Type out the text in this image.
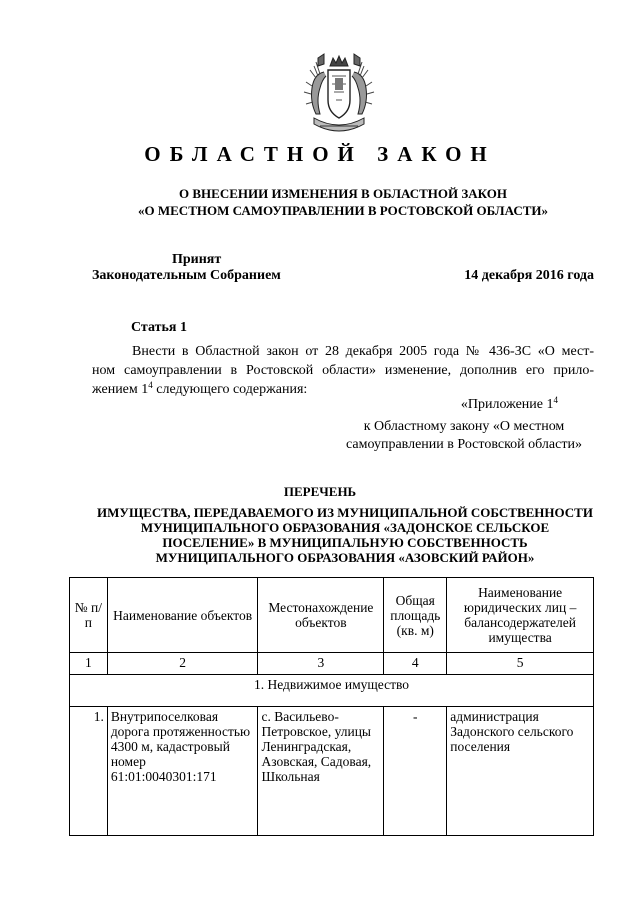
ОБЛАСТНОЙ ЗАКОН
О ВНЕСЕНИИ ИЗМЕНЕНИЯ В ОБЛАСТНОЙ ЗАКОН
«О МЕСТНОМ САМОУПРАВЛЕНИИ В РОСТОВСКОЙ ОБЛАСТИ»
Принят
Законодательным Собранием	14 декабря 2016 года
Статья 1
Внести в Областной закон от 28 декабря 2005 года № 436-ЗС «О мест-
ном самоуправлении в Ростовской области» изменение, дополнив его прило-
жением $1^4$ следующего содержания:
«Приложение $1^4$
к Областному закону «О местном
самоуправлении в Ростовской области»
ПЕРЕЧЕНЬ
ИМУЩЕСТВА, ПЕРЕДАВАЕМОГО ИЗ МУНИЦИПАЛЬНОЙ СОБСТВЕННОСТИ
МУНИЦИПАЛЬНОГО ОБРАЗОВАНИЯ «ЗАДОНСКОЕ СЕЛЬСКОЕ
ПОСЕЛЕНИЕ» В МУНИЦИПАЛЬНУЮ СОБСТВЕННОСТЬ
МУНИЦИПАЛЬНОГО ОБРАЗОВАНИЯ «АЗОВСКИЙ РАЙОН»
№ п/п	Наименование объектов	Местонахождение объектов	Общая площадь (кв. м)	Наименование юридических лиц – балансодержателей имущества
1	2	3	4	5
1. Недвижимое имущество				
1.	Внутрипоселковая дорога протяженностью 4300 м, кадастровый номер 61:01:0040301:171	с. Васильево-Петровское, улицы Ленинградская, Азовская, Садовая, Школьная	-	администрация Задонского сельского поселения
